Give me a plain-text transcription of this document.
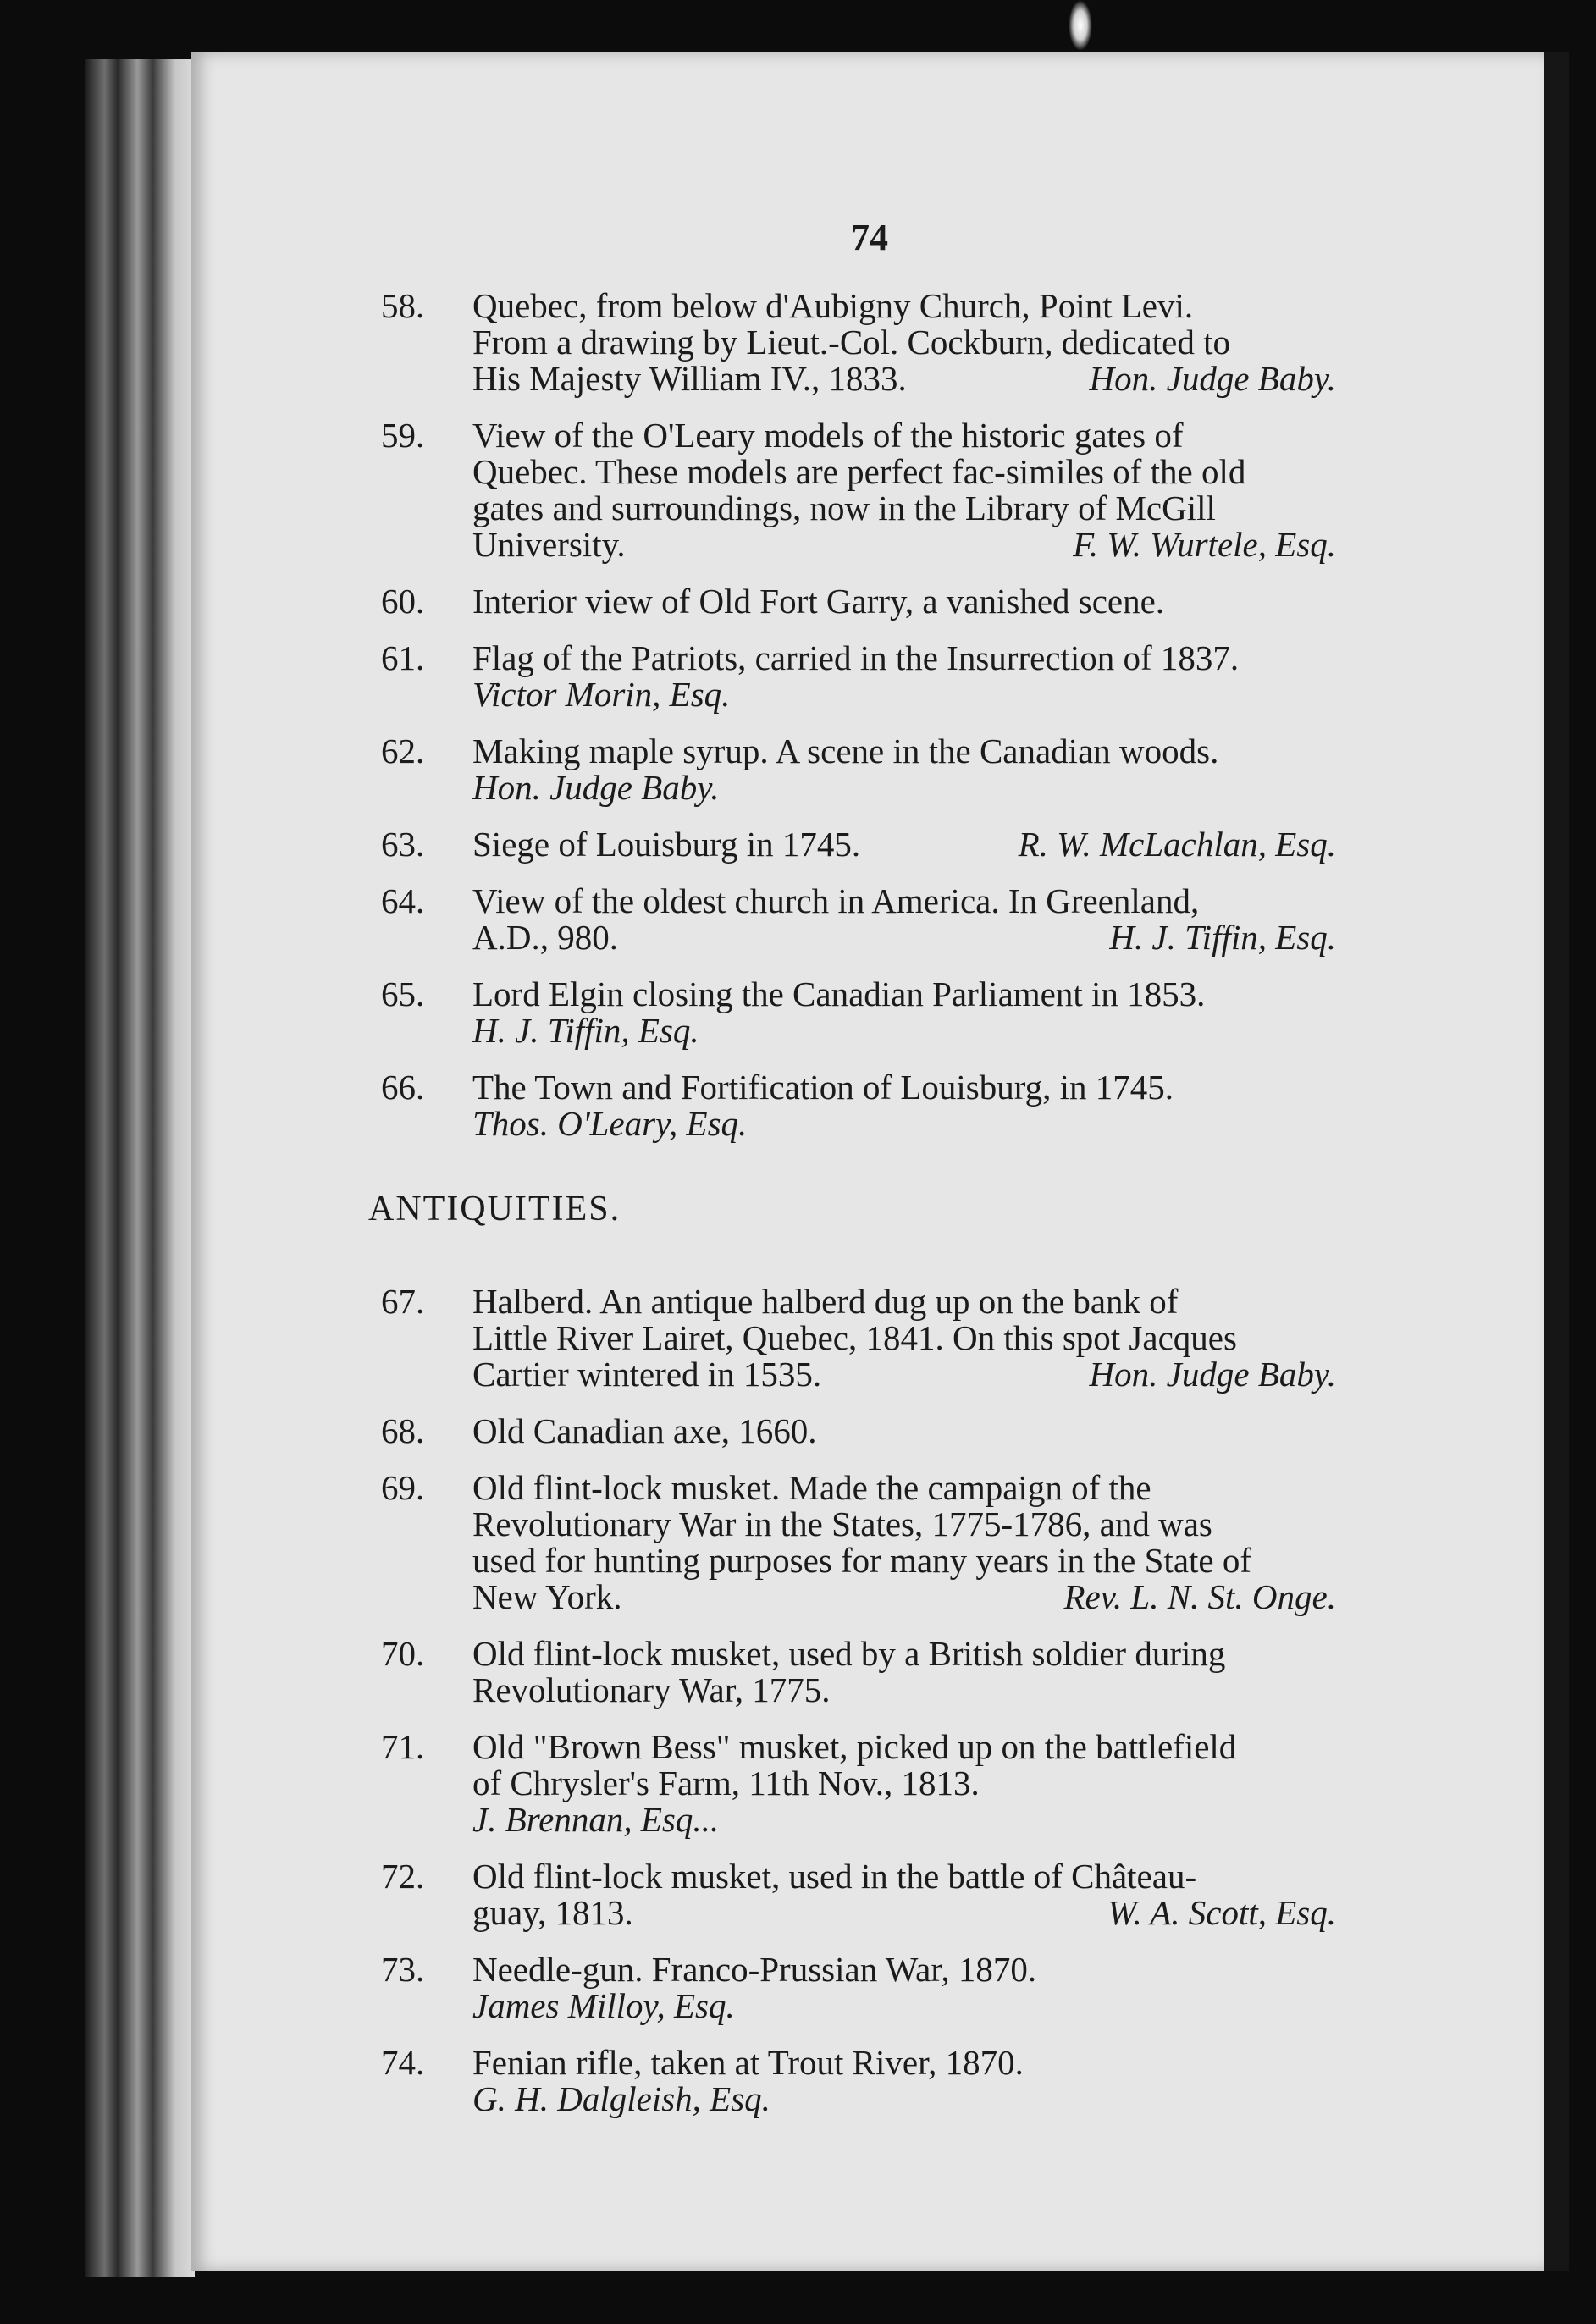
74
58.	Quebec, from below d'Aubigny Church, Point Levi.
From a drawing by Lieut.-Col. Cockburn, dedicated to
His Majesty William IV., 1833.	Hon. Judge Baby.
59.	View of the O'Leary models of the historic gates of
Quebec. These models are perfect fac-similes of the old
gates and surroundings, now in the Library of McGill
University.	F. W. Wurtele, Esq.
60.	Interior view of Old Fort Garry, a vanished scene.
61.	Flag of the Patriots, carried in the Insurrection of 1837.
Victor Morin, Esq.
62.	Making maple syrup. A scene in the Canadian woods.
Hon. Judge Baby.
63.	Siege of Louisburg in 1745.	R. W. McLachlan, Esq.
64.	View of the oldest church in America. In Greenland,
A.D., 980.	H. J. Tiffin, Esq.
65.	Lord Elgin closing the Canadian Parliament in 1853.
H. J. Tiffin, Esq.
66.	The Town and Fortification of Louisburg, in 1745.
Thos. O'Leary, Esq.
ANTIQUITIES.
67.	Halberd. An antique halberd dug up on the bank of
Little River Lairet, Quebec, 1841. On this spot Jacques
Cartier wintered in 1535.	Hon. Judge Baby.
68.	Old Canadian axe, 1660.
69.	Old flint-lock musket. Made the campaign of the
Revolutionary War in the States, 1775-1786, and was
used for hunting purposes for many years in the State of
New York.	Rev. L. N. St. Onge.
70.	Old flint-lock musket, used by a British soldier during
Revolutionary War, 1775.
71.	Old "Brown Bess" musket, picked up on the battlefield
of Chrysler's Farm, 11th Nov., 1813.
J. Brennan, Esq...
72.	Old flint-lock musket, used in the battle of Château-
guay, 1813.	W. A. Scott, Esq.
73.	Needle-gun. Franco-Prussian War, 1870.
James Milloy, Esq.
74.	Fenian rifle, taken at Trout River, 1870.
G. H. Dalgleish, Esq.
